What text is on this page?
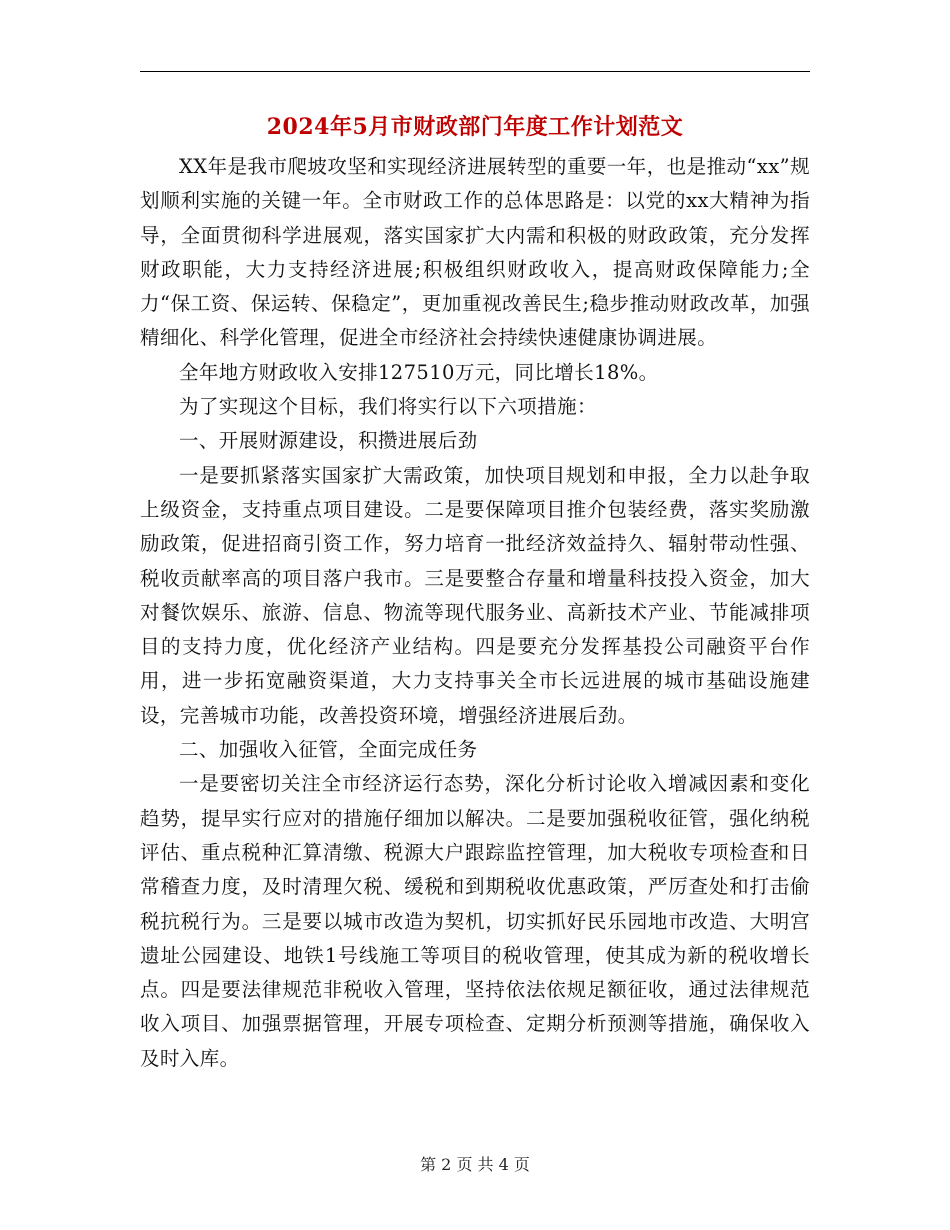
2024年5月市财政部门年度工作计划范文

XX年是我市爬坡攻坚和实现经济进展转型的重要一年，也是推动“xx”规划顺利实施的关键一年。全市财政工作的总体思路是：以党的xx大精神为指导，全面贯彻科学进展观，落实国家扩大内需和积极的财政政策，充分发挥财政职能，大力支持经济进展;积极组织财政收入，提高财政保障能力;全力“保工资、保运转、保稳定”，更加重视改善民生;稳步推动财政改革，加强精细化、科学化管理，促进全市经济社会持续快速健康协调进展。

全年地方财政收入安排127510万元，同比增长18%。

为了实现这个目标，我们将实行以下六项措施：

一、开展财源建设，积攒进展后劲

一是要抓紧落实国家扩大需政策，加快项目规划和申报，全力以赴争取上级资金，支持重点项目建设。二是要保障项目推介包装经费，落实奖励激励政策，促进招商引资工作，努力培育一批经济效益持久、辐射带动性强、税收贡献率高的项目落户我市。三是要整合存量和增量科技投入资金，加大对餐饮娱乐、旅游、信息、物流等现代服务业、高新技术产业、节能减排项目的支持力度，优化经济产业结构。四是要充分发挥基投公司融资平台作用，进一步拓宽融资渠道，大力支持事关全市长远进展的城市基础设施建设，完善城市功能，改善投资环境，增强经济进展后劲。

二、加强收入征管，全面完成任务

一是要密切关注全市经济运行态势，深化分析讨论收入增减因素和变化趋势，提早实行应对的措施仔细加以解决。二是要加强税收征管，强化纳税评估、重点税种汇算清缴、税源大户跟踪监控管理，加大税收专项检查和日常稽查力度，及时清理欠税、缓税和到期税收优惠政策，严厉查处和打击偷税抗税行为。三是要以城市改造为契机，切实抓好民乐园地市改造、大明宫遗址公园建设、地铁1号线施工等项目的税收管理，使其成为新的税收增长点。四是要法律规范非税收入管理，坚持依法依规足额征收，通过法律规范收入项目、加强票据管理，开展专项检查、定期分析预测等措施，确保收入及时入库。

第 2 页 共 4 页
